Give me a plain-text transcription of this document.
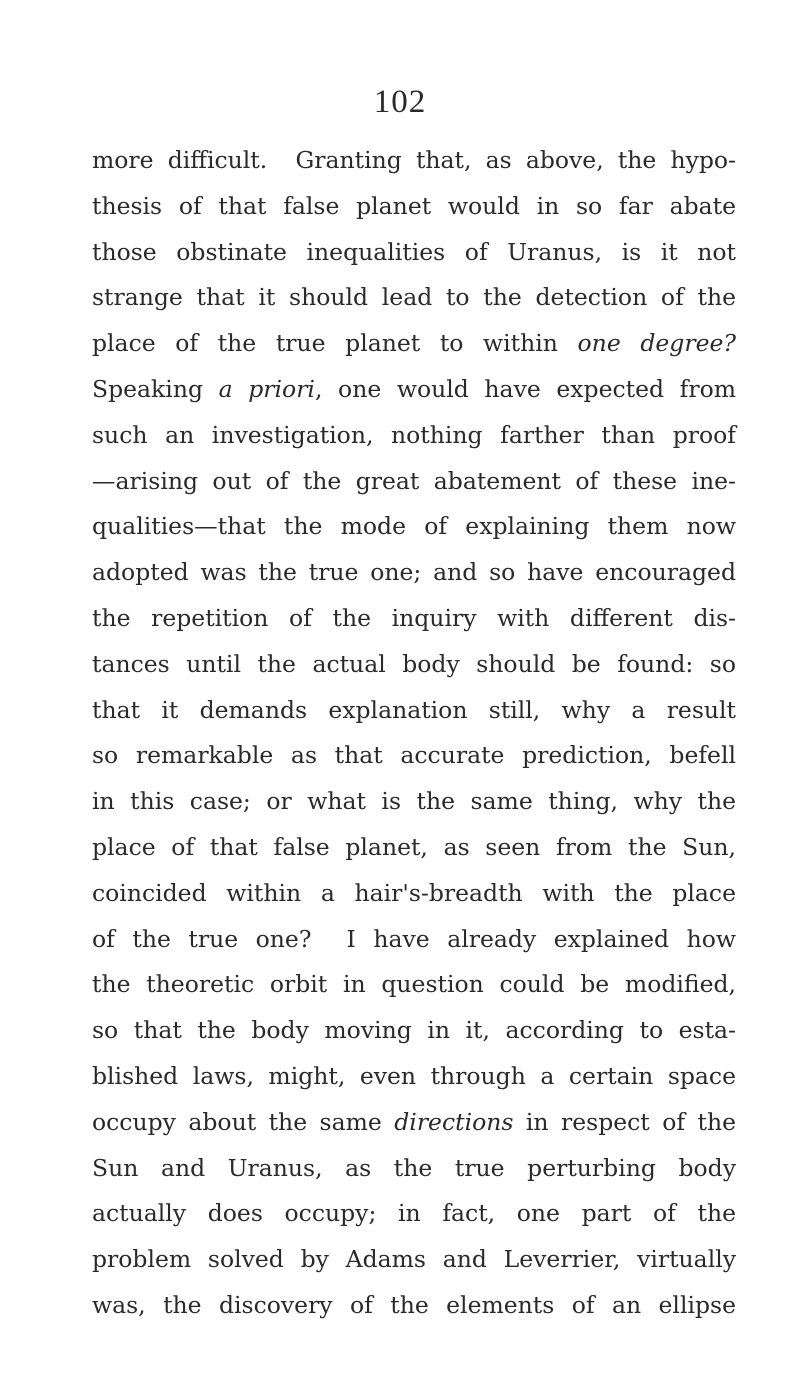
102
more difficult.  Granting that, as above, the hypo-
thesis of that false planet would in so far abate
those obstinate inequalities of Uranus, is it not
strange that it should lead to the detection of the
place of the true planet to within one degree?
Speaking a priori, one would have expected from
such an investigation, nothing farther than proof
—arising out of the great abatement of these ine-
qualities—that the mode of explaining them now
adopted was the true one; and so have encouraged
the repetition of the inquiry with different dis-
tances until the actual body should be found: so
that it demands explanation still, why a result
so remarkable as that accurate prediction, befell
in this case; or what is the same thing, why the
place of that false planet, as seen from the Sun,
coincided within a hair's-breadth with the place
of the true one?  I have already explained how
the theoretic orbit in question could be modified,
so that the body moving in it, according to esta-
blished laws, might, even through a certain space
occupy about the same directions in respect of the
Sun and Uranus, as the true perturbing body
actually does occupy; in fact, one part of the
problem solved by Adams and Leverrier, virtually
was, the discovery of the elements of an ellipse
